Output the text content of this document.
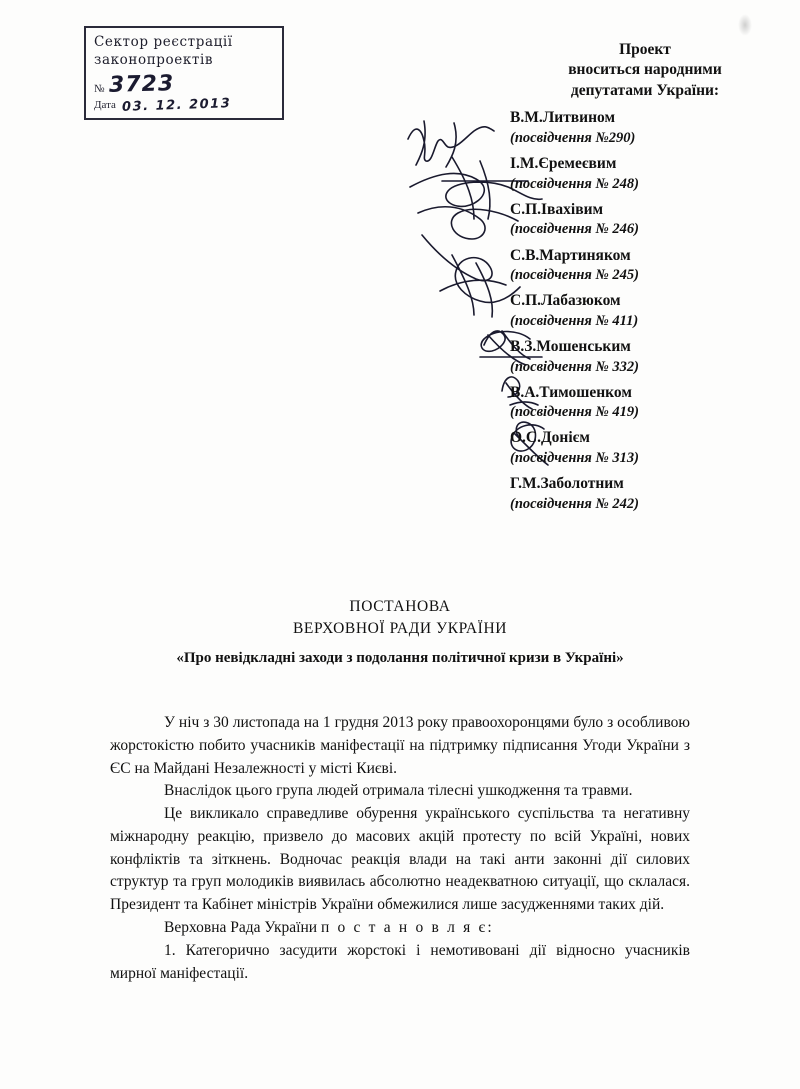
Сектор реєстрації
законопроектів
№ 3723
Дата 03. 12. 2013
Проект
вноситься народними
депутатами України:
В.М.Литвином
(посвідчення №290)
І.М.Єремеєвим
(посвідчення № 248)
С.П.Івахівим
(посвідчення № 246)
С.В.Мартиняком
(посвідчення № 245)
С.П.Лабазюком
(посвідчення № 411)
В.З.Мошенським
(посвідчення № 332)
В.А.Тимошенком
(посвідчення № 419)
О.С.Донієм
(посвідчення № 313)
Г.М.Заболотним
(посвідчення № 242)
ПОСТАНОВА
ВЕРХОВНОЇ РАДИ УКРАЇНИ
«Про невідкладні заходи з подолання політичної кризи в Україні»

У ніч з 30 листопада на 1 грудня 2013 року правоохоронцями було з особливою жорстокістю побито учасників маніфестації на підтримку підписання Угоди України з ЄС на Майдані Незалежності у місті Києві.

Внаслідок цього група людей отримала тілесні ушкодження та травми.

Це викликало справедливе обурення українського суспільства та негативну міжнародну реакцію, призвело до масових акцій протесту по всій Україні, нових конфліктів та зіткнень. Водночас реакція влади на такі анти законні дії силових структур та груп молодиків виявилась абсолютно неадекватною ситуації, що склалася. Президент та Кабінет міністрів України обмежилися лише засудженнями таких дій.

Верховна Рада України п о с т а н о в л я є:

1. Категорично засудити жорстокі і немотивовані дії відносно учасників мирної маніфестації.
